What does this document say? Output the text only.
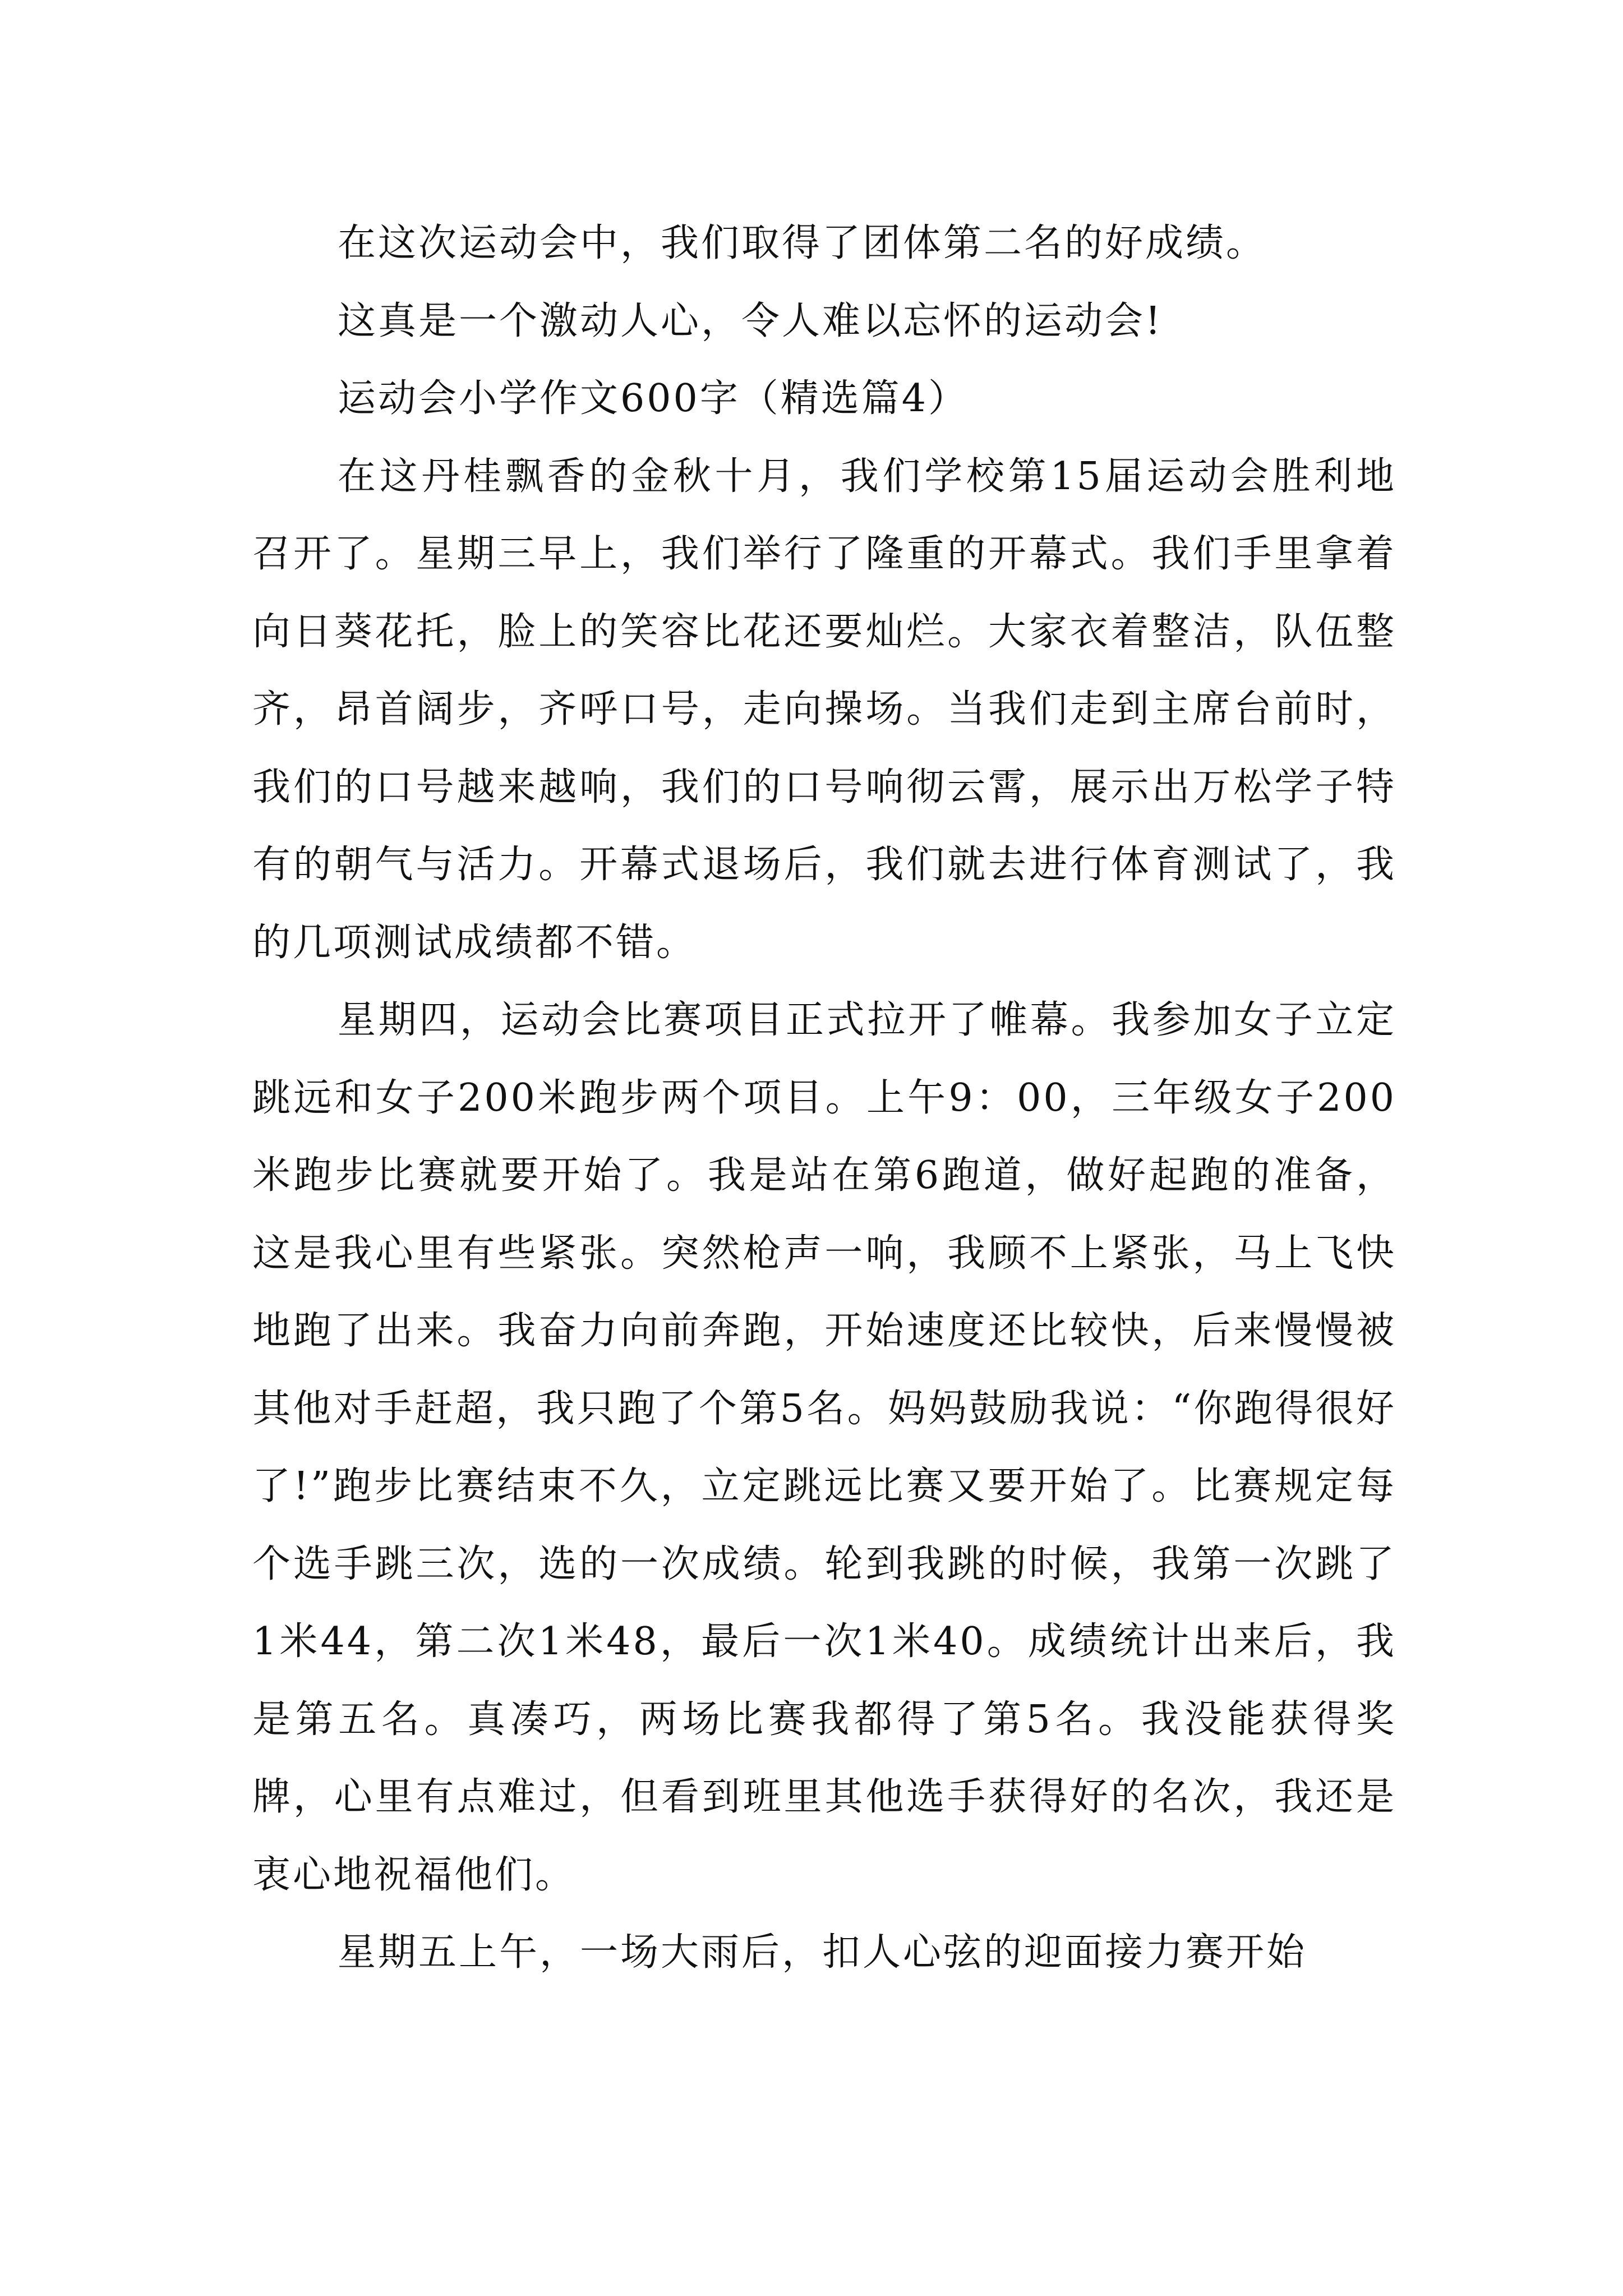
在这次运动会中，我们取得了团体第二名的好成绩。

这真是一个激动人心，令人难以忘怀的运动会!

运动会小学作文600字（精选篇4）

在这丹桂飘香的金秋十月，我们学校第15届运动会胜利地召开了。星期三早上，我们举行了隆重的开幕式。我们手里拿着向日葵花托，脸上的笑容比花还要灿烂。大家衣着整洁，队伍整齐，昂首阔步，齐呼口号，走向操场。当我们走到主席台前时，我们的口号越来越响，我们的口号响彻云霄，展示出万松学子特有的朝气与活力。开幕式退场后，我们就去进行体育测试了，我的几项测试成绩都不错。

星期四，运动会比赛项目正式拉开了帷幕。我参加女子立定跳远和女子200米跑步两个项目。上午9：00，三年级女子200米跑步比赛就要开始了。我是站在第6跑道，做好起跑的准备，这是我心里有些紧张。突然枪声一响，我顾不上紧张，马上飞快地跑了出来。我奋力向前奔跑，开始速度还比较快，后来慢慢被其他对手赶超，我只跑了个第5名。妈妈鼓励我说：“你跑得很好了!”跑步比赛结束不久，立定跳远比赛又要开始了。比赛规定每个选手跳三次，选的一次成绩。轮到我跳的时候，我第一次跳了1米44，第二次1米48，最后一次1米40。成绩统计出来后，我是第五名。真凑巧，两场比赛我都得了第5名。我没能获得奖牌，心里有点难过，但看到班里其他选手获得好的名次，我还是衷心地祝福他们。

星期五上午，一场大雨后，扣人心弦的迎面接力赛开始
